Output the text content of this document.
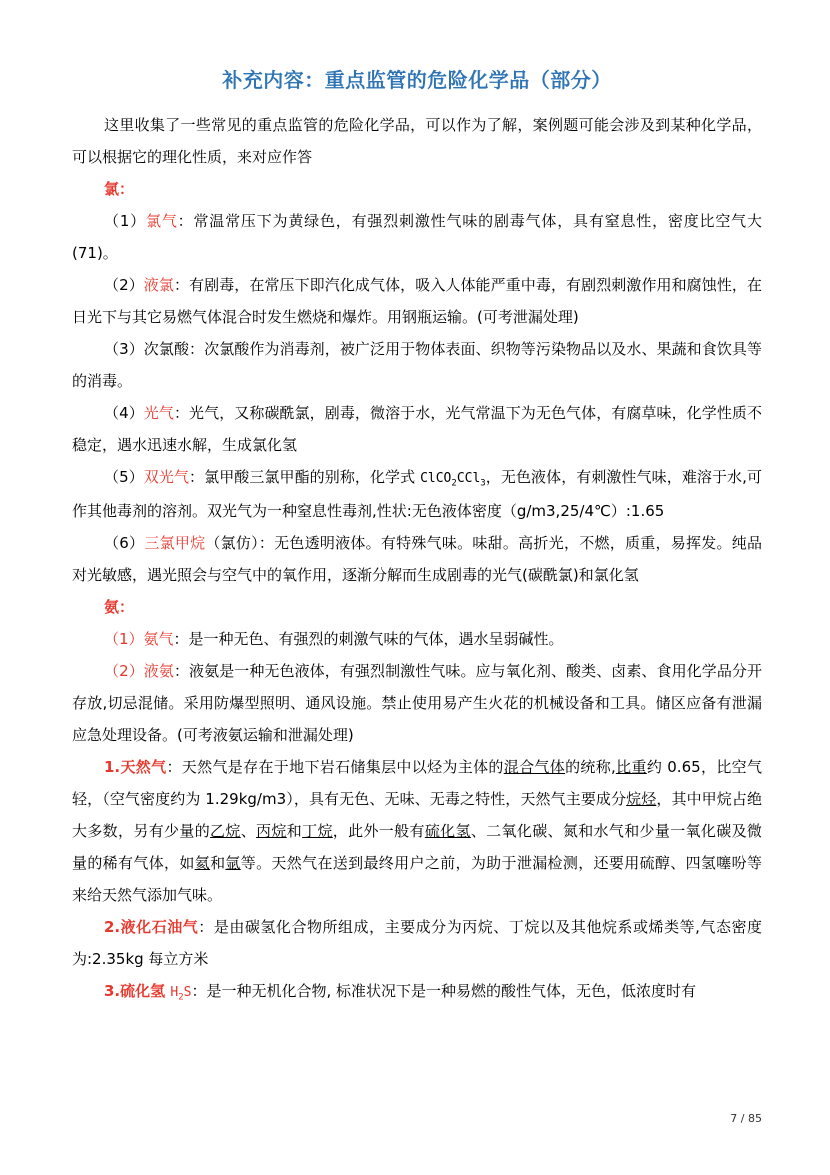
补充内容：重点监管的危险化学品（部分）

这里收集了一些常见的重点监管的危险化学品，可以作为了解，案例题可能会涉及到某种化学品，可以根据它的理化性质，来对应作答

氯：

（1）氯气：常温常压下为黄绿色，有强烈刺激性气味的剧毒气体，具有窒息性，密度比空气大(71)。

（2）液氯：有剧毒，在常压下即汽化成气体，吸入人体能严重中毒，有剧烈刺激作用和腐蚀性，在日光下与其它易燃气体混合时发生燃烧和爆炸。用钢瓶运输。(可考泄漏处理)

（3）次氯酸：次氯酸作为消毒剂，被广泛用于物体表面、织物等污染物品以及水、果蔬和食饮具等的消毒。

（4）光气：光气，又称碳酰氯，剧毒，微溶于水，光气常温下为无色气体，有腐草味，化学性质不稳定，遇水迅速水解，生成氯化氢

（5）双光气：氯甲酸三氯甲酯的别称，化学式 ClCO$_2$CCl$_3$，无色液体，有刺激性气味，难溶于水,可作其他毒剂的溶剂。双光气为一种窒息性毒剂,性状:无色液体密度（g/m3,25/4℃）:1.65

（6）三氯甲烷（氯仿）：无色透明液体。有特殊气味。味甜。高折光，不燃，质重，易挥发。纯品对光敏感，遇光照会与空气中的氧作用，逐渐分解而生成剧毒的光气(碳酰氯)和氯化氢

氨：

（1）氨气：是一种无色、有强烈的刺激气味的气体，遇水呈弱碱性。

（2）液氨：液氨是一种无色液体，有强烈制激性气味。应与氧化剂、酸类、卤素、食用化学品分开存放,切忌混储。采用防爆型照明、通风设施。禁止使用易产生火花的机械设备和工具。储区应备有泄漏应急处理设备。(可考液氨运输和泄漏处理)

1.天然气：天然气是存在于地下岩石储集层中以烃为主体的混合气体的统称,比重约 0.65，比空气轻，（空气密度约为 1.29kg/m3），具有无色、无味、无毒之特性，天然气主要成分烷烃，其中甲烷占绝大多数，另有少量的乙烷、丙烷和丁烷，此外一般有硫化氢、二氧化碳、氮和水气和少量一氧化碳及微量的稀有气体，如氦和氩等。天然气在送到最终用户之前，为助于泄漏检测，还要用硫醇、四氢噻吩等来给天然气添加气味。

2.液化石油气：是由碳氢化合物所组成，主要成分为丙烷、丁烷以及其他烷系或烯类等,气态密度为:2.35kg 每立方米

3.硫化氢 $H_2S$：是一种无机化合物, 标准状况下是一种易燃的酸性气体，无色，低浓度时有

7 / 85
